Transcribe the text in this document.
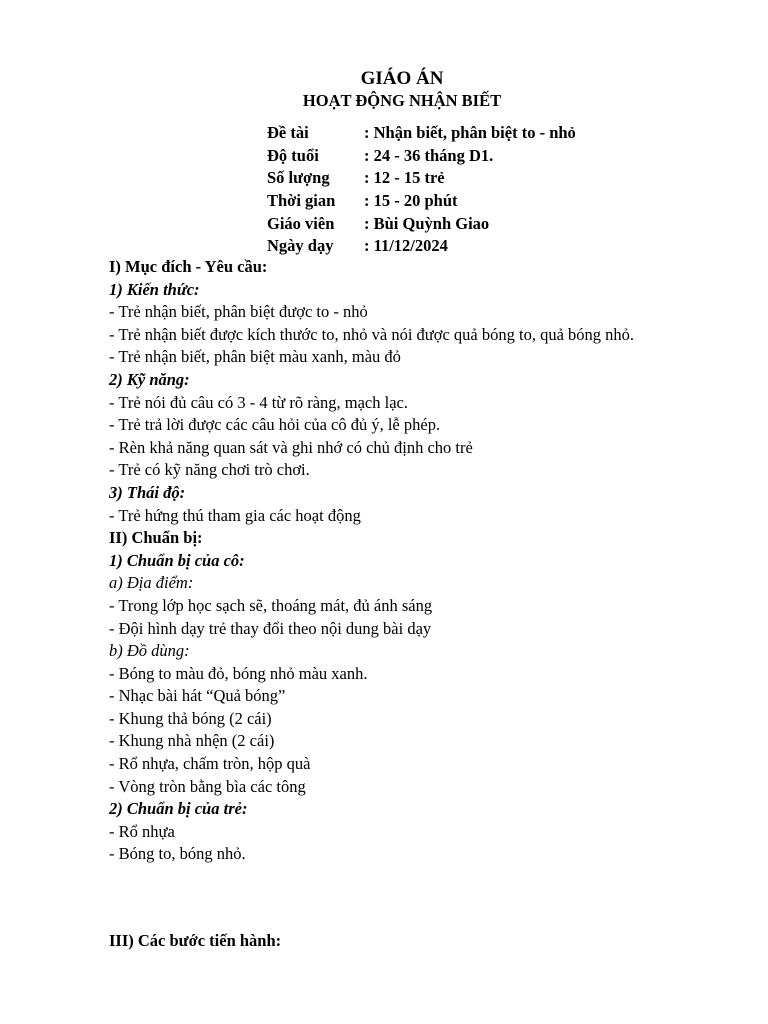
GIÁO ÁN
HOẠT ĐỘNG NHẬN BIẾT
Đề tài	: Nhận biết, phân biệt to - nhỏ
Độ tuổi	: 24 - 36 tháng D1.
Số lượng : 12 - 15 trẻ
Thời gian : 15 - 20 phút
Giáo viên : Bùi Quỳnh Giao
Ngày dạy : 11/12/2024
I) Mục đích - Yêu cầu:
1) Kiến thức:
- Trẻ nhận biết, phân biệt được to - nhỏ
- Trẻ nhận biết được kích thước to, nhỏ và nói được quả bóng to, quả bóng nhỏ.
- Trẻ nhận biết, phân biệt màu xanh, màu đỏ
2) Kỹ năng:
- Trẻ nói đủ câu có 3 - 4 từ rõ ràng, mạch lạc.
- Trẻ trả lời được các câu hỏi của cô đủ ý, lễ phép.
- Rèn khả năng quan sát và ghi nhớ có chủ định cho trẻ
- Trẻ có kỹ năng chơi trò chơi.
3) Thái độ:
- Trẻ hứng thú tham gia các hoạt động
II) Chuẩn bị:
1) Chuẩn bị của cô:
a) Địa điểm:
- Trong lớp học sạch sẽ, thoáng mát, đủ ánh sáng
- Đội hình dạy trẻ thay đổi theo nội dung bài dạy
b) Đồ dùng:
- Bóng to màu đỏ, bóng nhỏ màu xanh.
- Nhạc bài hát “Quả bóng”
- Khung thả bóng (2 cái)
- Khung nhà nhện (2 cái)
- Rổ nhựa, chấm tròn, hộp quà
- Vòng tròn bằng bìa các tông
2) Chuẩn bị của trẻ:
- Rổ nhựa
- Bóng to, bóng nhỏ.
III) Các bước tiến hành:
